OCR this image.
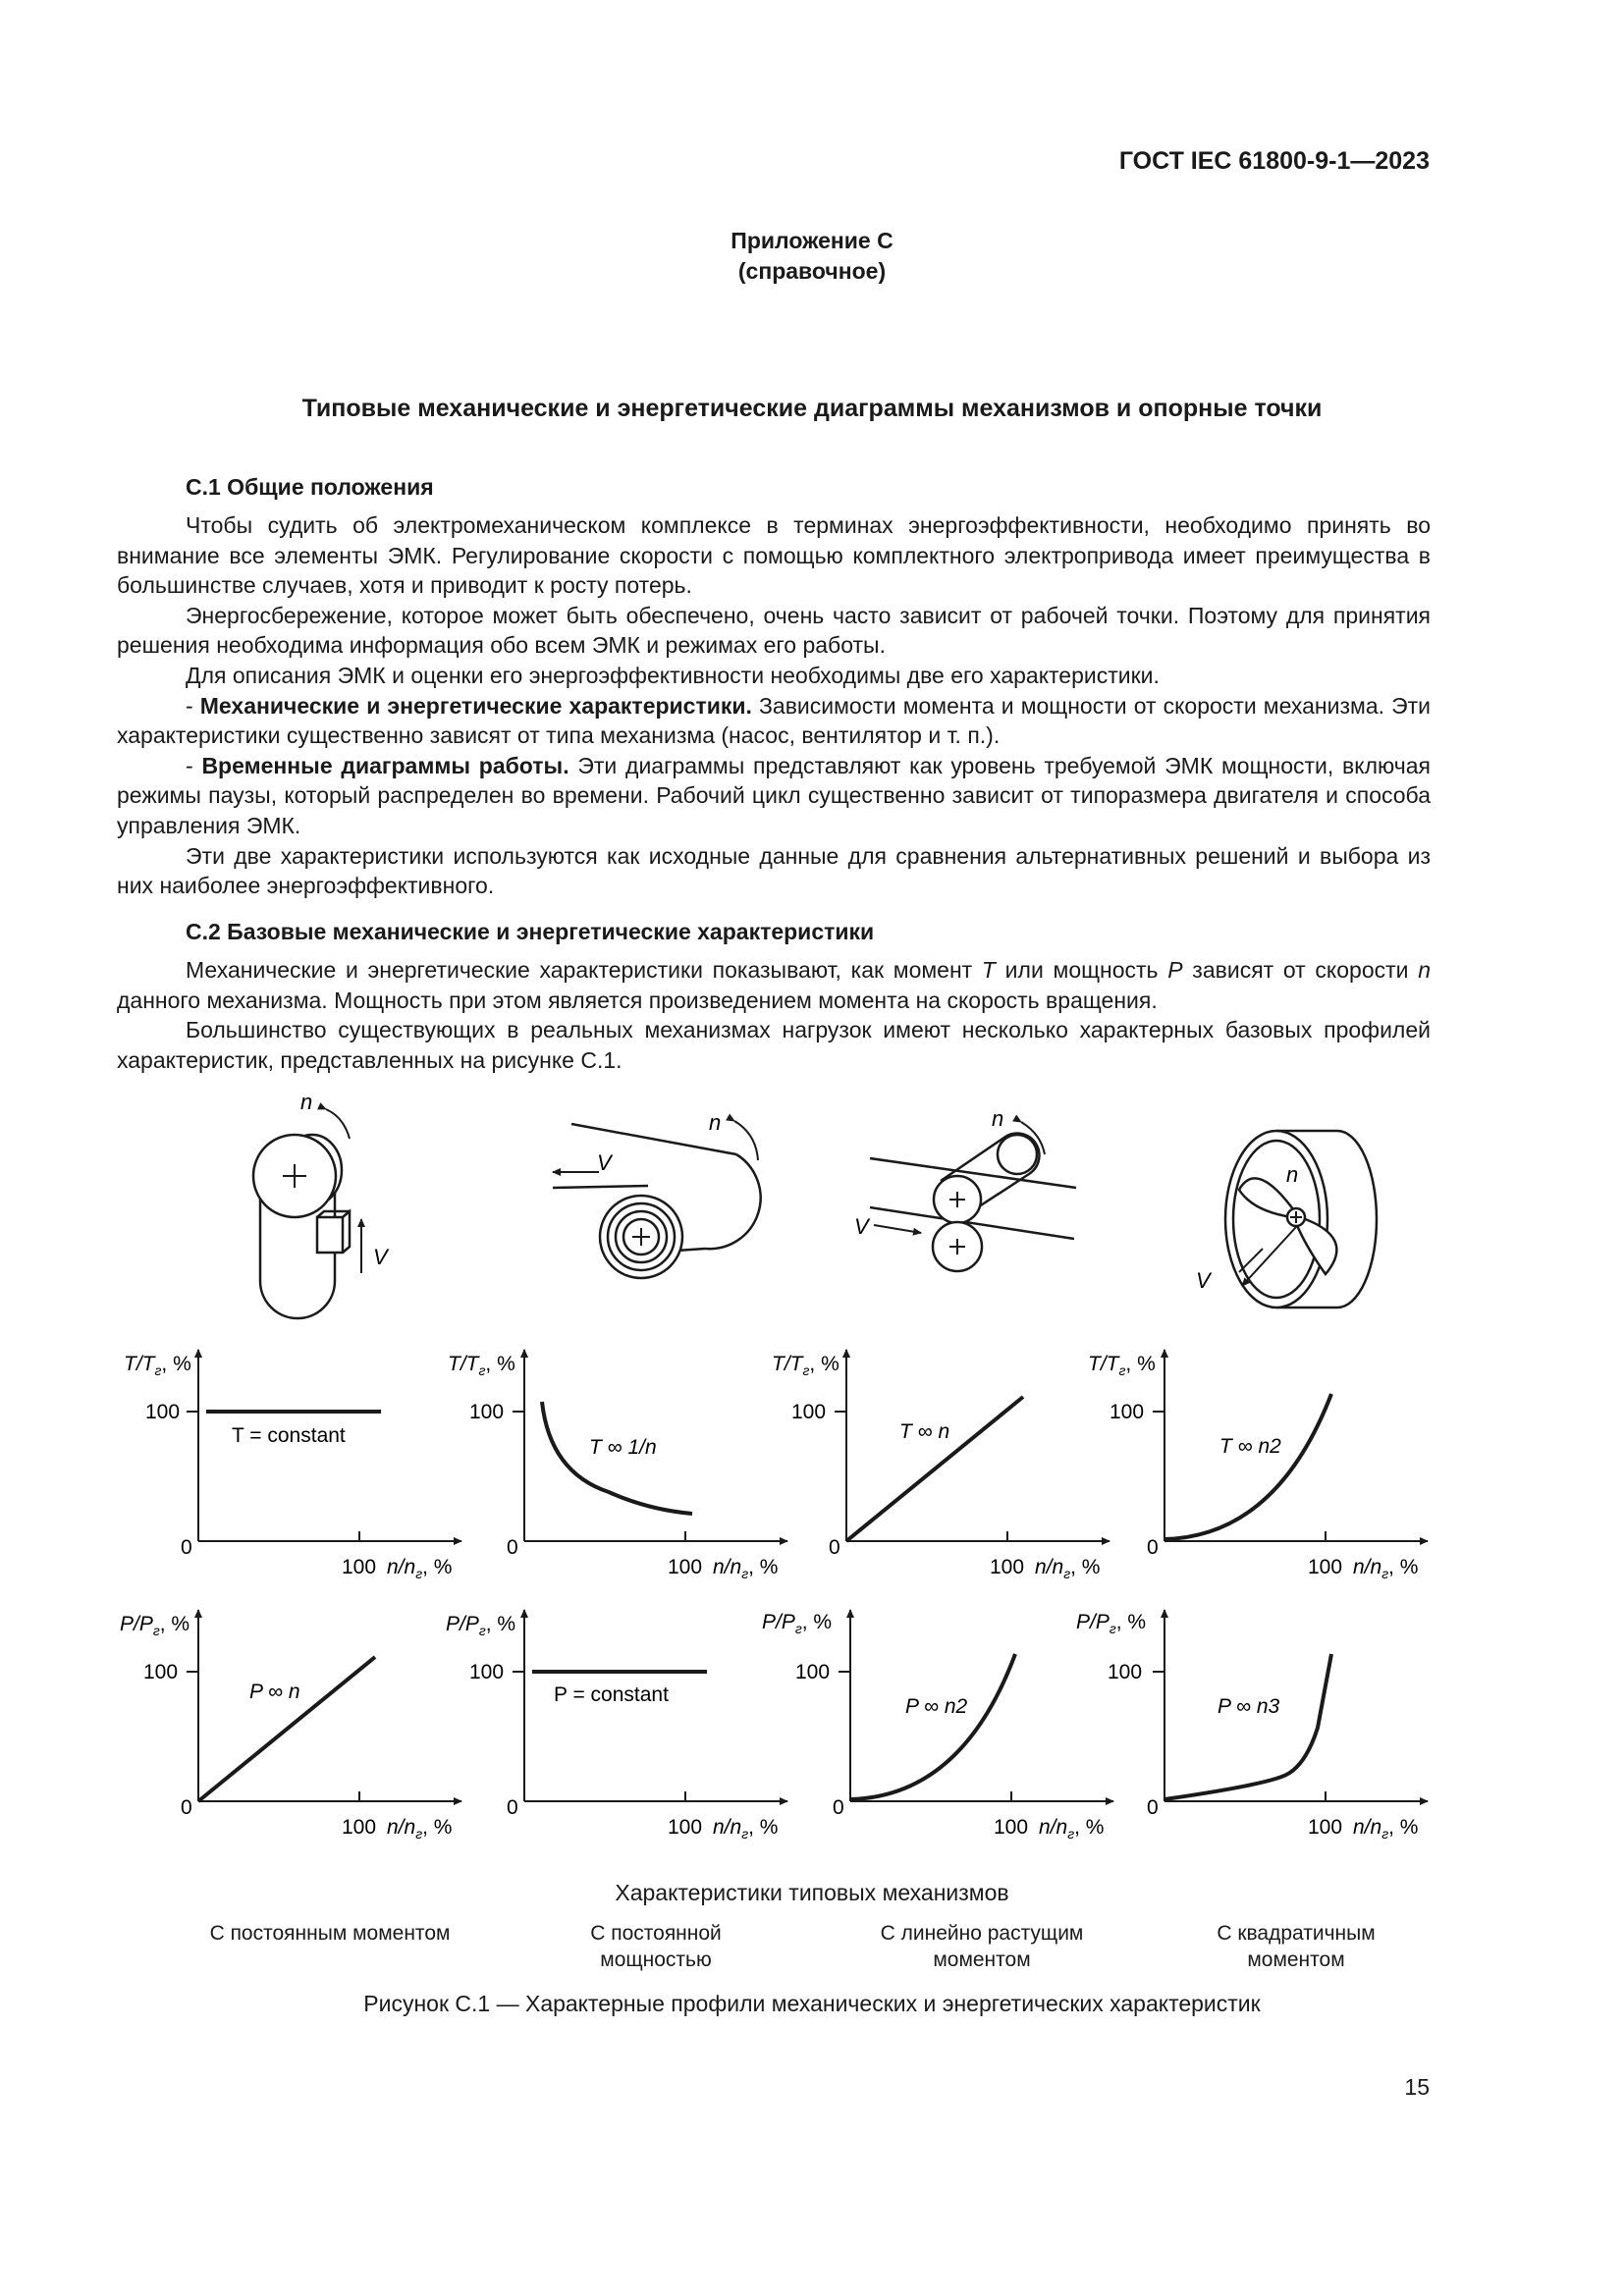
ГОСТ IEC 61800-9-1—2023
Приложение С
(справочное)
Типовые механические и энергетические диаграммы механизмов и опорные точки
С.1 Общие положения

Чтобы судить об электромеханическом комплексе в терминах энергоэффективности, необходимо принять во внимание все элементы ЭМК. Регулирование скорости с помощью комплектного электропривода имеет преимущества в большинстве случаев, хотя и приводит к росту потерь.

Энергосбережение, которое может быть обеспечено, очень часто зависит от рабочей точки. Поэтому для принятия решения необходима информация обо всем ЭМК и режимах его работы.

Для описания ЭМК и оценки его энергоэффективности необходимы две его характеристики.

- Механические и энергетические характеристики. Зависимости момента и мощности от скорости механизма. Эти характеристики существенно зависят от типа механизма (насос, вентилятор и т. п.).

- Временные диаграммы работы. Эти диаграммы представляют как уровень требуемой ЭМК мощности, включая режимы паузы, который распределен во времени. Рабочий цикл существенно зависит от типоразмера двигателя и способа управления ЭМК.

Эти две характеристики используются как исходные данные для сравнения альтернативных решений и выбора из них наиболее энергоэффективного.

С.2 Базовые механические и энергетические характеристики

Механические и энергетические характеристики показывают, как момент T или мощность P зависят от скорости n данного механизма. Мощность при этом является произведением момента на скорость вращения.

Большинство существующих в реальных механизмах нагрузок имеют несколько характерных базовых профилей характеристик, представленных на рисунке С.1.

n
V
n
V
n
V
n
V
$T/T_г$, %
100
0
100 $n/n_г$, %
T = constant
$T/T_г$, %
100
0
100 $n/n_г$, %
T ∞ 1/n
$T/T_г$, %
100
0
100 $n/n_г$, %
T ∞ n
$T/T_г$, %
100
0
100 $n/n_г$, %
T ∞ n2
$P/P_г$, %
100
0
100 $n/n_г$, %
P ∞ n
$P/P_г$, %
100
0
100 $n/n_г$, %
P = constant
$P/P_г$, %
100
0
100 $n/n_г$, %
P ∞ n2
$P/P_г$, %
100
0
100 $n/n_г$, %
P ∞ n3
Характеристики типовых механизмов
С постоянным моментом	С постоянной мощностью
С линейно растущим моментом
С квадратичным моментом
Рисунок С.1 — Характерные профили механических и энергетических характеристик
15
